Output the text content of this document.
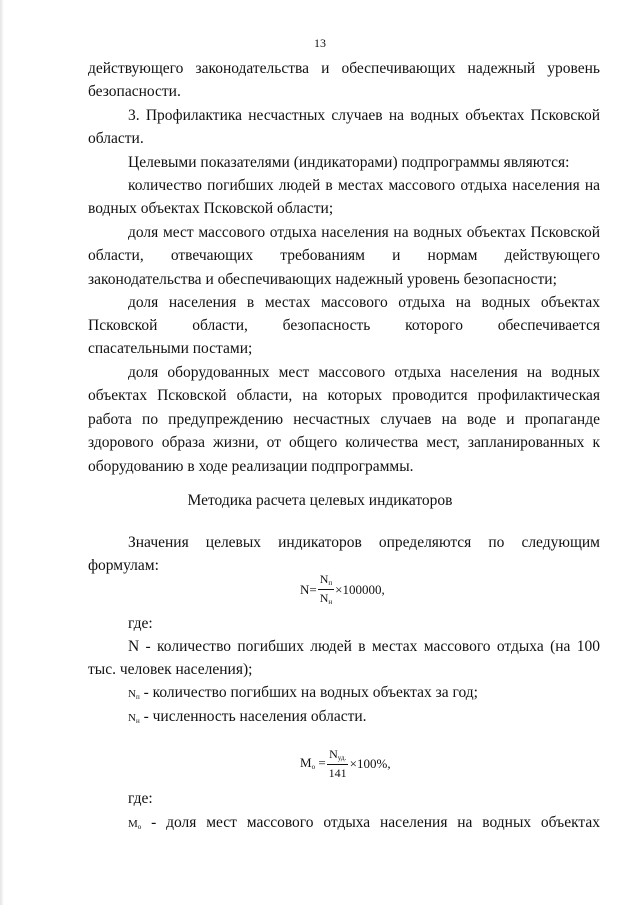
13

действующего законодательства и обеспечивающих надежный уровень безопасности.

3. Профилактика несчастных случаев на водных объектах Псковской области.

Целевыми показателями (индикаторами) подпрограммы являются:

количество погибших людей в местах массового отдыха населения на водных объектах Псковской области;

доля мест массового отдыха населения на водных объектах Псковской области, отвечающих требованиям и нормам действующего законодательства и обеспечивающих надежный уровень безопасности;

доля населения в местах массового отдыха на водных объектах Псковской области, безопасность которого обеспечивается

спасательными постами;

доля оборудованных мест массового отдыха населения на водных объектах Псковской области, на которых проводится профилактическая работа по предупреждению несчастных случаев на воде и пропаганде здорового образа жизни, от общего количества мест, запланированных к оборудованию в ходе реализации подпрограммы.

Методика расчета целевых индикаторов

Значения целевых индикаторов определяются по следующим формулам:

$N= \frac{N_п}{N_н} \times 100000$,

где:

N - количество погибших людей в местах массового отдыха (на 100 тыс. человек населения);

$N_п$ - количество погибших на водных объектах за год;

$N_н$ - численность населения области.

$M_о = \frac{N_{уд.}}{141} \times 100\%$,

где:

$M_о$ - доля мест массового отдыха населения на водных объектах
